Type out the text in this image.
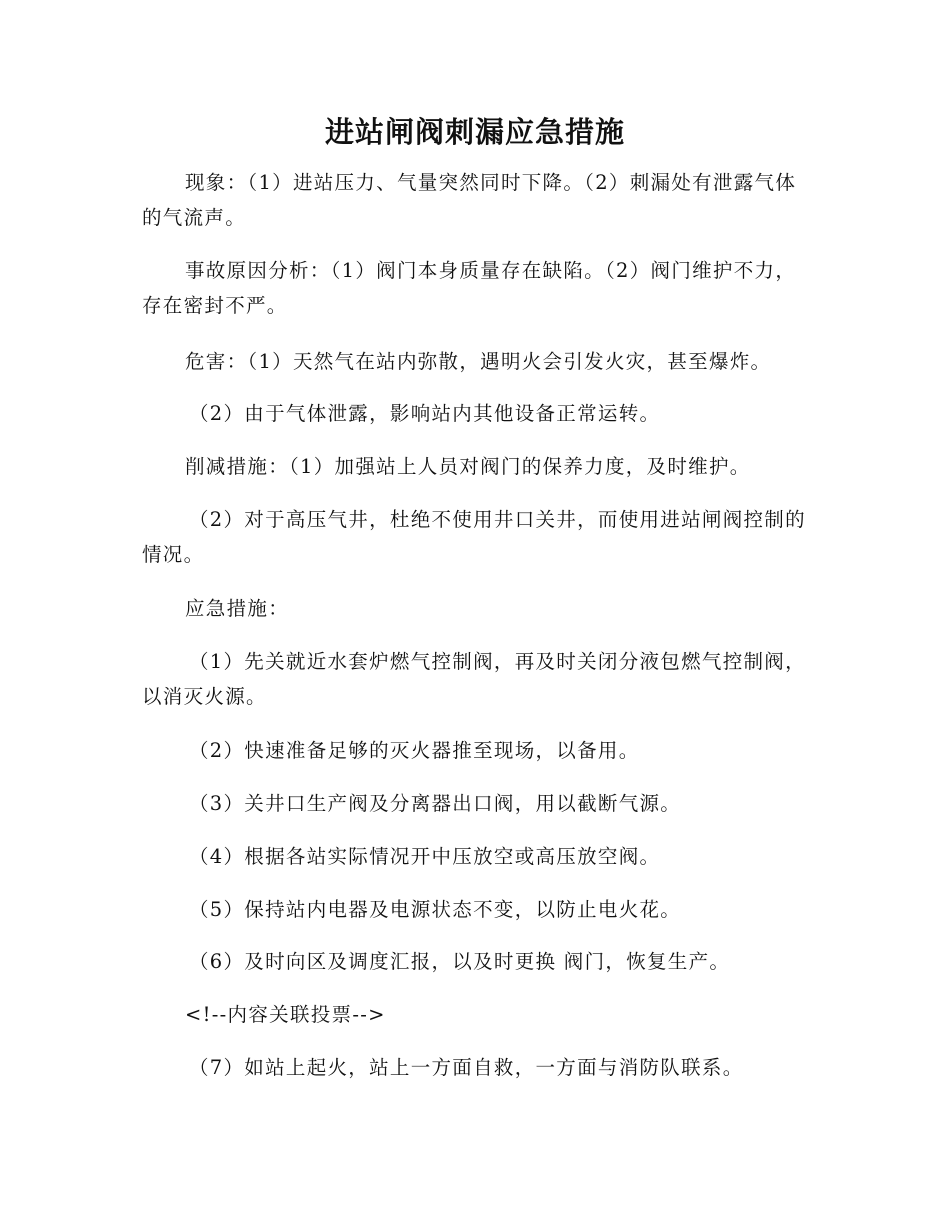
进站闸阀刺漏应急措施
现象：（1）进站压力、气量突然同时下降。（2）刺漏处有泄露气体的气流声。
事故原因分析：（1）阀门本身质量存在缺陷。（2）阀门维护不力，存在密封不严。
危害：（1）天然气在站内弥散，遇明火会引发火灾，甚至爆炸。
（2）由于气体泄露，影响站内其他设备正常运转。
削减措施：（1）加强站上人员对阀门的保养力度，及时维护。
（2）对于高压气井，杜绝不使用井口关井，而使用进站闸阀控制的情况。
应急措施：
（1）先关就近水套炉燃气控制阀，再及时关闭分液包燃气控制阀，以消灭火源。
（2）快速准备足够的灭火器推至现场，以备用。
（3）关井口生产阀及分离器出口阀，用以截断气源。
（4）根据各站实际情况开中压放空或高压放空阀。
（5）保持站内电器及电源状态不变，以防止电火花。
（6）及时向区及调度汇报，以及时更换 阀门，恢复生产。
<!--内容关联投票-->
（7）如站上起火，站上一方面自救，一方面与消防队联系。
